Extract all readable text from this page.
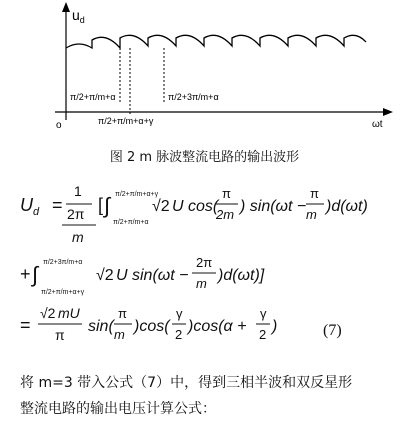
$u_d$
ωt
o
π/2+π/m+α
π/2+π/m+α+γ
π/2+3π/m+α
图 2 m 脉波整流电路的输出波形
$U_d$ =
1
2π
m
[ ∫ π/2+π/m+α+γ
π/2+π/m+α
√2 U cos(
π
2m ) sin(ωt −
π
m )d(ωt)
+ ∫ π/2+3π/m+α
π/2+π/m+α+γ
√2 U sin(ωt −
2π
m )d(ωt)]
=
√2 mU
π sin(
π
m )cos(
γ
2 )cos(α +
γ
2 )	(7)
将 m=3 带入公式（7）中，得到三相半波和双反星形
整流电路的输出电压计算公式：
